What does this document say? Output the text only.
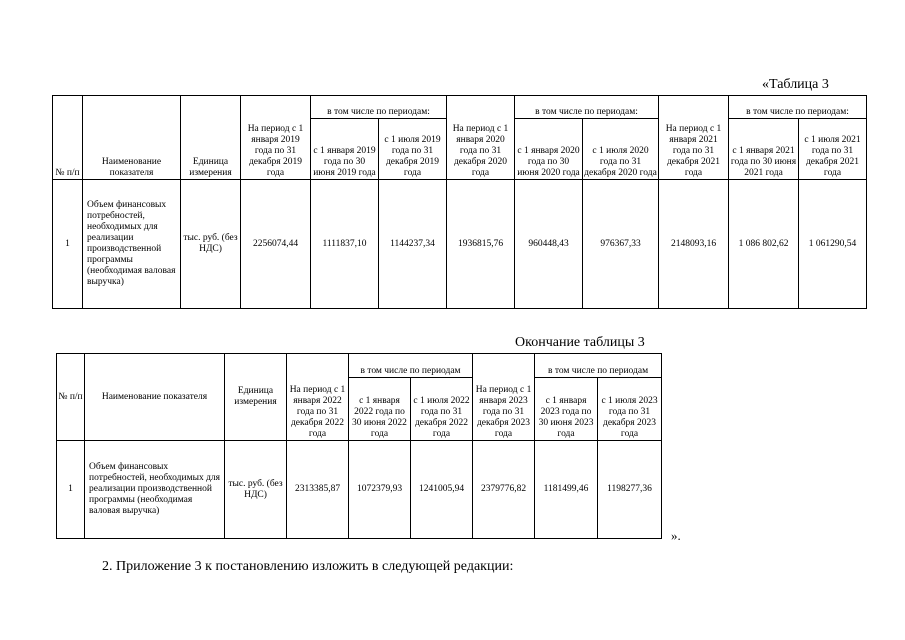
«Таблица 3
№ п/п	Наименование показателя	Единица измерения	На период с 1 января 2019 года по 31 декабря 2019 года	в том числе по периодам:		На период с 1 января 2020 года по 31 декабря 2020 года	в том числе по периодам:		На период с 1 января 2021 года по 31 декабря 2021 года	в том числе по периодам:	
				с 1 января 2019 года по 30 июня 2019 года	с 1 июля 2019 года по 31 декабря 2019 года		с 1 января 2020 года по 30 июня 2020 года	с 1 июля 2020 года по 31 декабря 2020 года		с 1 января 2021 года по 30 июня 2021 года	с 1 июля 2021 года по 31 декабря 2021 года
1	Объем финансовых потребностей, необходимых для реализации производственной программы (необходимая валовая выручка)	тыс. руб. (без НДС)	2256074,44	1111837,10	1144237,34	1936815,76	960448,43	976367,33	2148093,16	1 086 802,62	1 061290,54
Окончание таблицы 3
№ п/п	Наименование показателя	Единица измерения	На период с 1 января 2022 года по 31 декабря 2022 года	в том числе по периодам		На период с 1 января 2023 года по 31 декабря 2023 года	в том числе по периодам	
				с 1 января 2022 года по 30 июня 2022 года	с 1 июля 2022 года по 31 декабря 2022 года		с 1 января 2023 года по 30 июня 2023 года	с 1 июля 2023 года по 31 декабря 2023 года
1	Объем финансовых потребностей, необходимых для реализации производственной программы (необходимая валовая выручка)	тыс. руб. (без НДС)	2313385,87	1072379,93	1241005,94	2379776,82	1181499,46	1198277,36
».
2. Приложение 3 к постановлению изложить в следующей редакции:
